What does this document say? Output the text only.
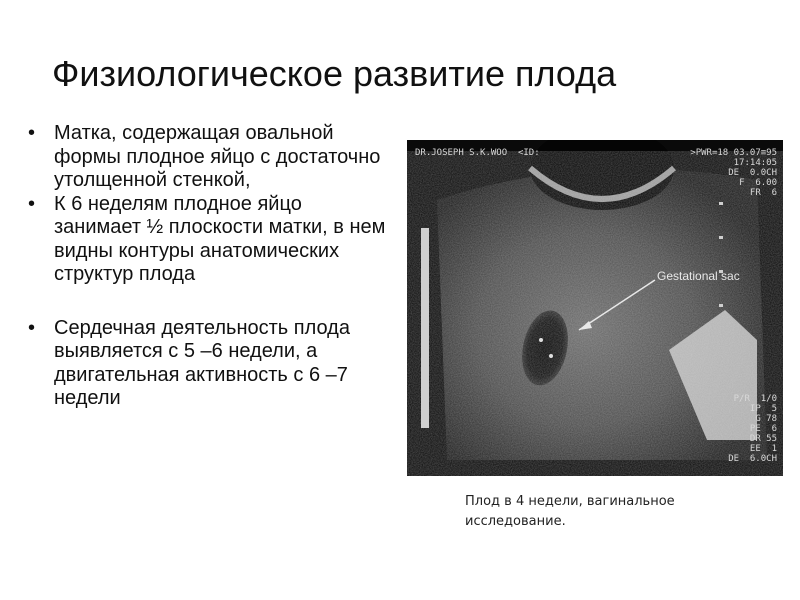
Физиологическое развитие плода
• Матка, содержащая овальной формы плодное яйцо с достаточно утолщенной стенкой,
• К 6 неделям плодное яйцо занимает ½ плоскости матки, в нем видны контуры анатомических структур плода
• Сердечная деятельность плода выявляется с 5 –6 недели, а двигательная активность с 6 –7 недели
DR.JOSEPH S.K.WOO  <ID:	>PWR=18 03.07≡95
17:14:05
DE  0.0CH
F  6.00
FR  6
P/R  1/0
IP  5
G 78
PE  6
DR 55
EE  1
DE  6.0CH
Gestational sac

Плод в 4 недели, вагинальное
исследование.
